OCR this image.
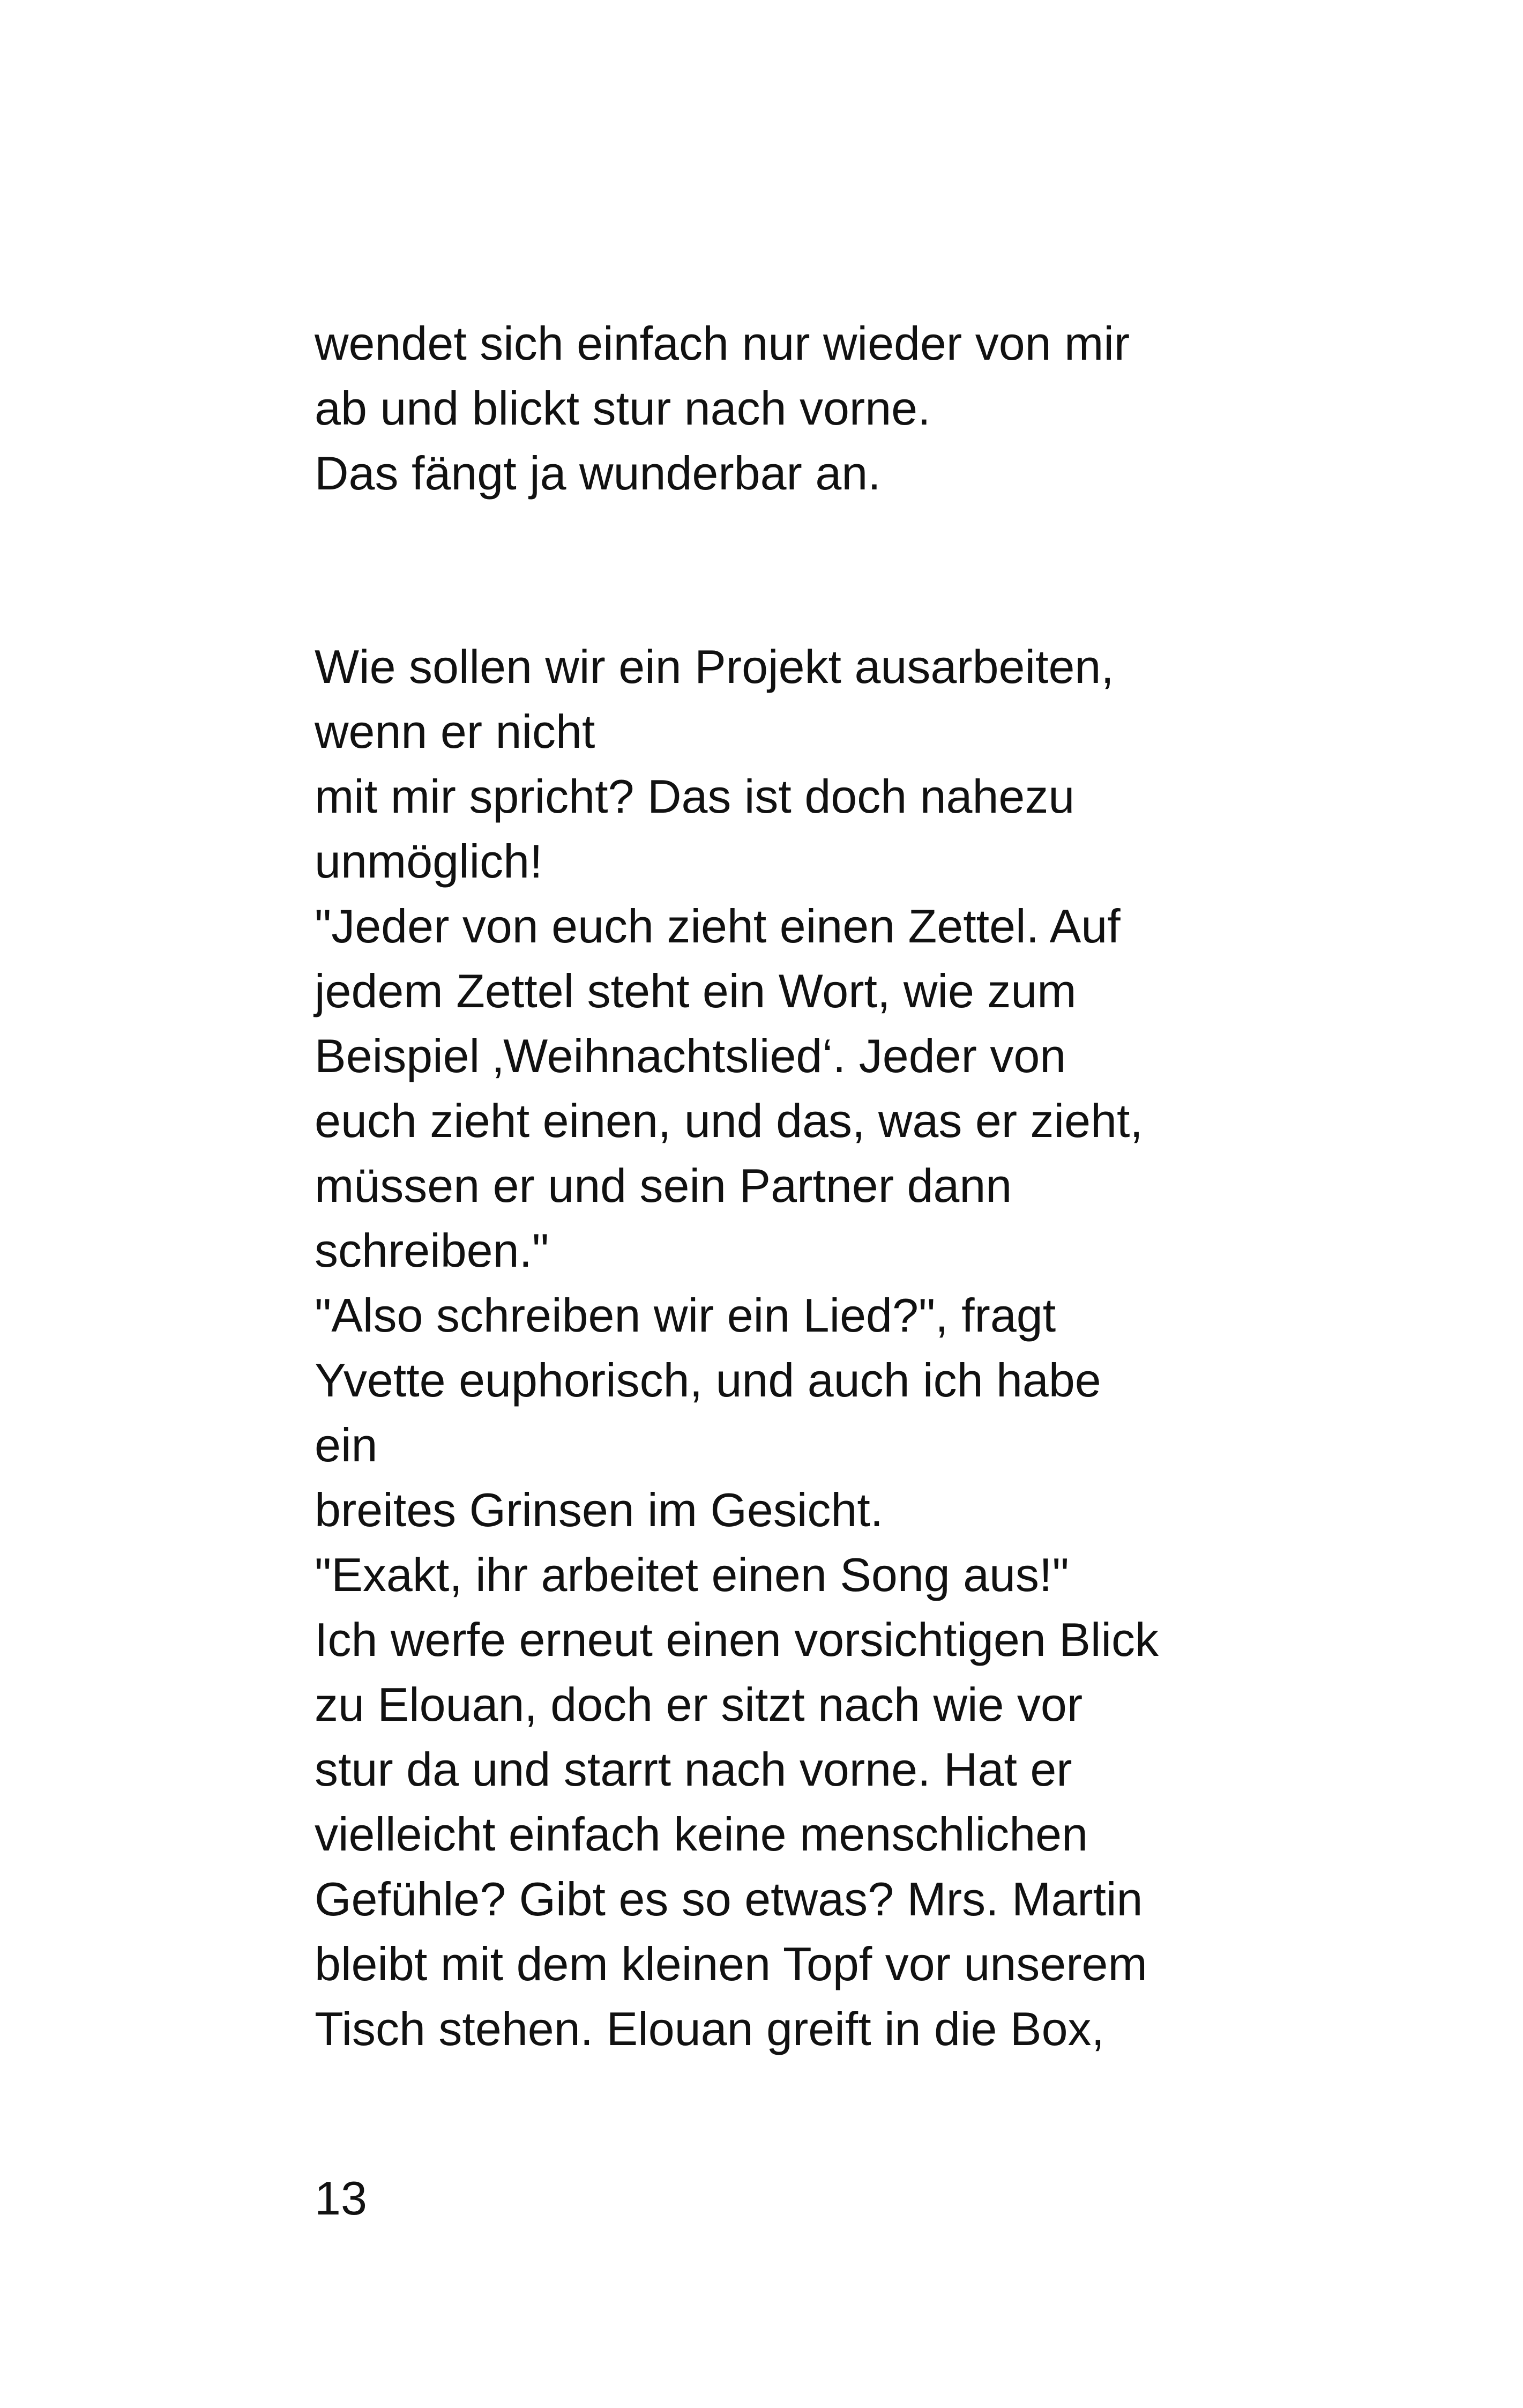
wendet sich einfach nur wieder von mir
ab und blickt stur nach vorne.
Das fängt ja wunderbar an.
Wie sollen wir ein Projekt ausarbeiten,
wenn er nicht
mit mir spricht? Das ist doch nahezu
unmöglich!
"Jeder von euch zieht einen Zettel. Auf
jedem Zettel steht ein Wort, wie zum
Beispiel ‚Weihnachtslied‘. Jeder von
euch zieht einen, und das, was er zieht,
müssen er und sein Partner dann
schreiben."
"Also schreiben wir ein Lied?", fragt
Yvette euphorisch, und auch ich habe
ein
breites Grinsen im Gesicht.
"Exakt, ihr arbeitet einen Song aus!"
Ich werfe erneut einen vorsichtigen Blick
zu Elouan, doch er sitzt nach wie vor
stur da und starrt nach vorne. Hat er
vielleicht einfach keine menschlichen
Gefühle? Gibt es so etwas? Mrs. Martin
bleibt mit dem kleinen Topf vor unserem
Tisch stehen. Elouan greift in die Box,
13
